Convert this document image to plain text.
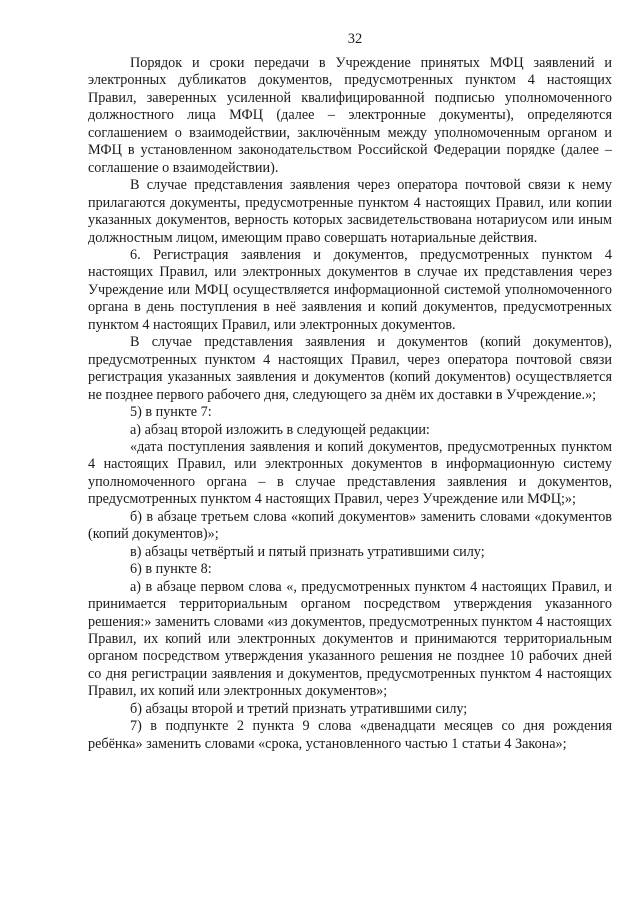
32

Порядок и сроки передачи в Учреждение принятых МФЦ заявлений и электронных дубликатов документов, предусмотренных пунктом 4 настоящих Правил, заверенных усиленной квалифицированной подписью уполномоченного должностного лица МФЦ (далее – электронные документы), определяются соглашением о взаимодействии, заключённым между уполномоченным органом и МФЦ в установленном законодательством Российской Федерации порядке (далее – соглашение о взаимодействии).

В случае представления заявления через оператора почтовой связи к нему прилагаются документы, предусмотренные пунктом 4 настоящих Правил, или копии указанных документов, верность которых засвидетельствована нотариусом или иным должностным лицом, имеющим право совершать нотариальные действия.

6. Регистрация заявления и документов, предусмотренных пунктом 4 настоящих Правил, или электронных документов в случае их представления через Учреждение или МФЦ осуществляется информационной системой уполномоченного органа в день поступления в неё заявления и копий документов, предусмотренных пунктом 4 настоящих Правил, или электронных документов.

В случае представления заявления и документов (копий документов), предусмотренных пунктом 4 настоящих Правил, через оператора почтовой связи регистрация указанных заявления и документов (копий документов) осуществляется не позднее первого рабочего дня, следующего за днём их доставки в Учреждение.»;

5) в пункте 7:

а) абзац второй изложить в следующей редакции:

«дата поступления заявления и копий документов, предусмотренных пунктом 4 настоящих Правил, или электронных документов в информационную систему уполномоченного органа – в случае представления заявления и документов, предусмотренных пунктом 4 настоящих Правил, через Учреждение или МФЦ;»;

б) в абзаце третьем слова «копий документов» заменить словами «документов (копий документов)»;

в) абзацы четвёртый и пятый признать утратившими силу;

6) в пункте 8:

а) в абзаце первом слова «, предусмотренных пунктом 4 настоящих Правил, и принимается территориальным органом посредством утверждения указанного решения:» заменить словами «из документов, предусмотренных пунктом 4 настоящих Правил, их копий или электронных документов и принимаются территориальным органом посредством утверждения указанного решения не позднее 10 рабочих дней со дня регистрации заявления и документов, предусмотренных пунктом 4 настоящих Правил, их копий или электронных документов»;

б) абзацы второй и третий признать утратившими силу;

7) в подпункте 2 пункта 9 слова «двенадцати месяцев со дня рождения ребёнка» заменить словами «срока, установленного частью 1 статьи 4 Закона»;
